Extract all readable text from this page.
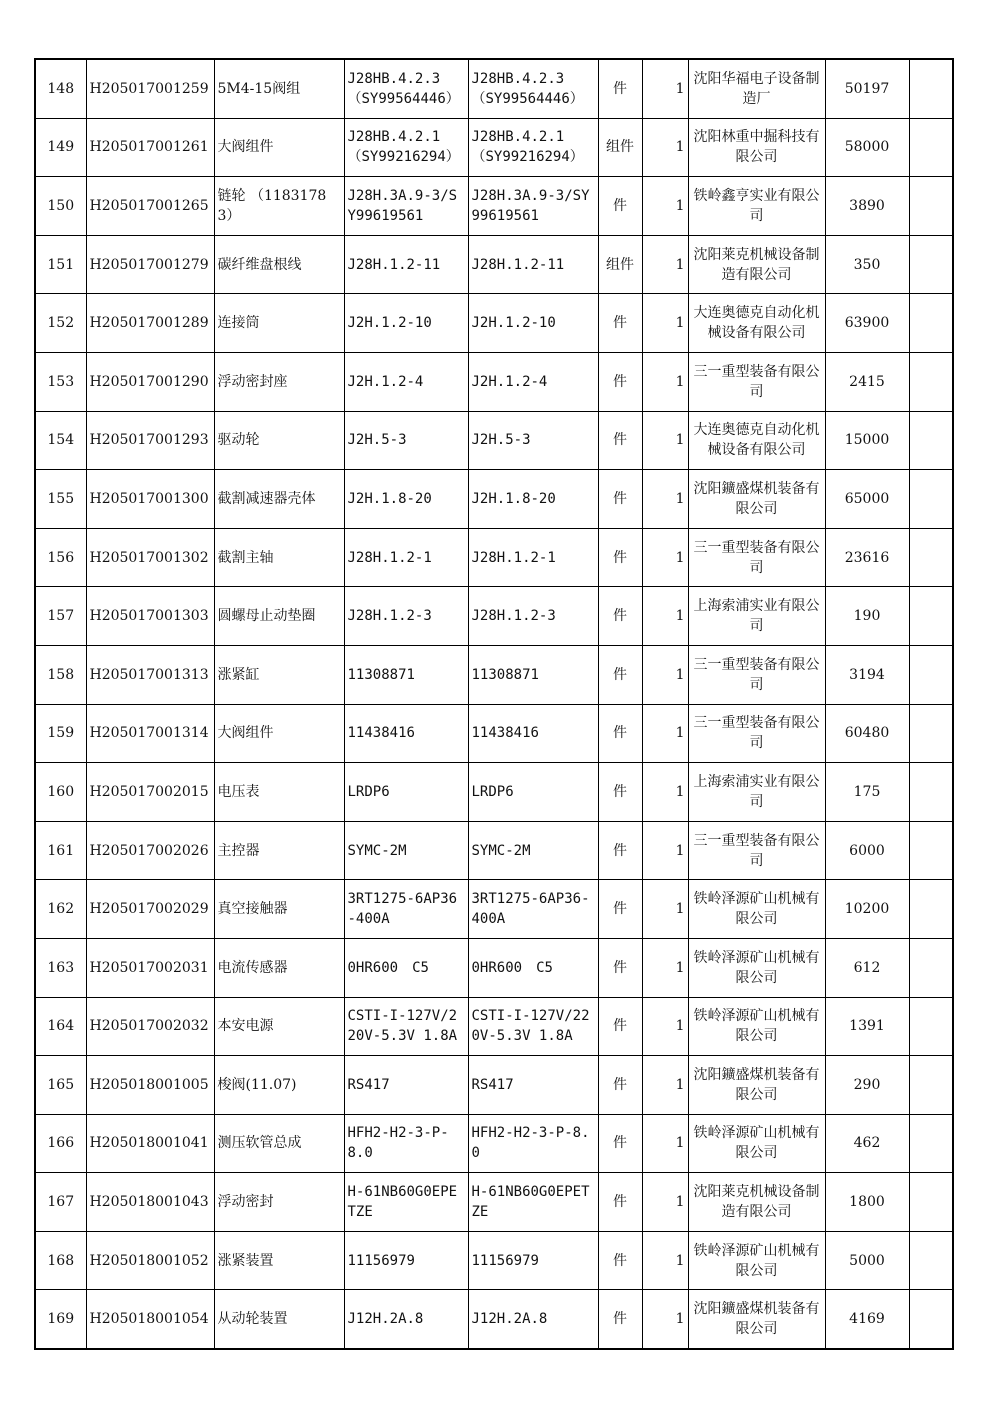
148	H205017001259	5M4-15阀组	J28HB.4.2.3 （SY99564446）	J28HB.4.2.3 （SY99564446）	件	1	沈阳华福电子设备制造厂	50197	
149	H205017001261	大阀组件	J28HB.4.2.1 （SY99216294）	J28HB.4.2.1 （SY99216294）	组件	1	沈阳林重中掘科技有限公司	58000	
150	H205017001265	链轮 （11831783）	J28H.3A.9-3/SY99619561	J28H.3A.9-3/SY99619561	件	1	铁岭鑫亨实业有限公司	3890	
151	H205017001279	碳纤维盘根线	J28H.1.2-11	J28H.1.2-11	组件	1	沈阳莱克机械设备制造有限公司	350	
152	H205017001289	连接筒	J2H.1.2-10	J2H.1.2-10	件	1	大连奥德克自动化机械设备有限公司	63900	
153	H205017001290	浮动密封座	J2H.1.2-4	J2H.1.2-4	件	1	三一重型装备有限公司	2415	
154	H205017001293	驱动轮	J2H.5-3	J2H.5-3	件	1	大连奥德克自动化机械设备有限公司	15000	
155	H205017001300	截割减速器壳体	J2H.1.8-20	J2H.1.8-20	件	1	沈阳鑛盛煤机装备有限公司	65000	
156	H205017001302	截割主轴	J28H.1.2-1	J28H.1.2-1	件	1	三一重型装备有限公司	23616	
157	H205017001303	圆螺母止动垫圈	J28H.1.2-3	J28H.1.2-3	件	1	上海索浦实业有限公司	190	
158	H205017001313	涨紧缸	11308871	11308871	件	1	三一重型装备有限公司	3194	
159	H205017001314	大阀组件	11438416	11438416	件	1	三一重型装备有限公司	60480	
160	H205017002015	电压表	LRDP6	LRDP6	件	1	上海索浦实业有限公司	175	
161	H205017002026	主控器	SYMC-2M	SYMC-2M	件	1	三一重型装备有限公司	6000	
162	H205017002029	真空接触器	3RT1275-6AP36-400A	3RT1275-6AP36-400A	件	1	铁岭泽源矿山机械有限公司	10200	
163	H205017002031	电流传感器	0HR600　C5	0HR600　C5	件	1	铁岭泽源矿山机械有限公司	612	
164	H205017002032	本安电源	CSTI-I-127V/220V-5.3V 1.8A	CSTI-I-127V/220V-5.3V 1.8A	件	1	铁岭泽源矿山机械有限公司	1391	
165	H205018001005	梭阀(11.07)	RS417	RS417	件	1	沈阳鑛盛煤机装备有限公司	290	
166	H205018001041	测压软管总成	HFH2-H2-3-P-8.0	HFH2-H2-3-P-8.0	件	1	铁岭泽源矿山机械有限公司	462	
167	H205018001043	浮动密封	H-61NB60G0EPETZE	H-61NB60G0EPETZE	件	1	沈阳莱克机械设备制造有限公司	1800	
168	H205018001052	涨紧装置	11156979	11156979	件	1	铁岭泽源矿山机械有限公司	5000	
169	H205018001054	从动轮装置	J12H.2A.8	J12H.2A.8	件	1	沈阳鑛盛煤机装备有限公司	4169	
